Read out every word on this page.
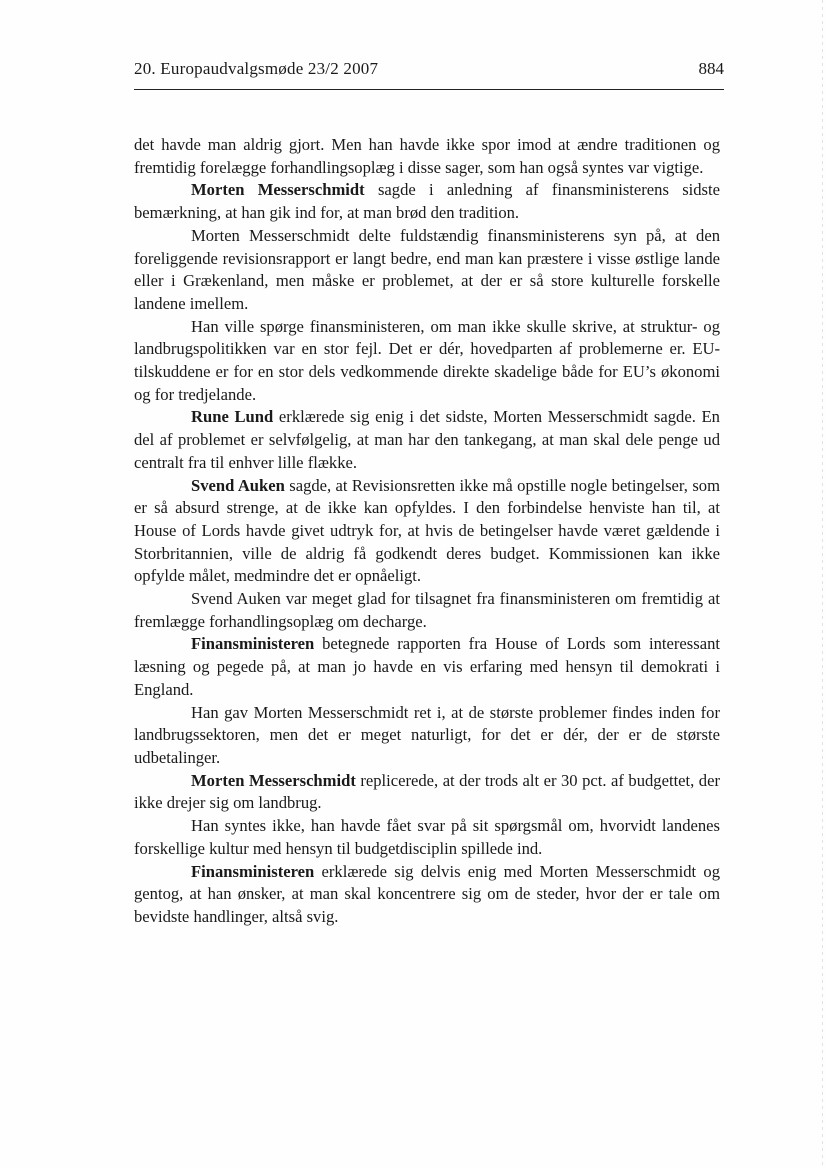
20. Europaudvalgsmøde 23/2 2007	884

det havde man aldrig gjort. Men han havde ikke spor imod at ændre traditionen og fremtidig forelægge forhandlingsoplæg i disse sager, som han også syntes var vigtige.

Morten Messerschmidt sagde i anledning af finansministerens sidste bemærkning, at han gik ind for, at man brød den tradition.

Morten Messerschmidt delte fuldstændig finansministerens syn på, at den foreliggende revisionsrapport er langt bedre, end man kan præstere i visse østlige lande eller i Grækenland, men måske er problemet, at der er så store kulturelle forskelle landene imellem.

Han ville spørge finansministeren, om man ikke skulle skrive, at struktur- og landbrugspolitikken var en stor fejl. Det er dér, hovedparten af problemerne er. EU-tilskuddene er for en stor dels vedkommende direkte skadelige både for EU’s økonomi og for tredjelande.

Rune Lund erklærede sig enig i det sidste, Morten Messerschmidt sagde. En del af problemet er selvfølgelig, at man har den tankegang, at man skal dele penge ud centralt fra til enhver lille flække.

Svend Auken sagde, at Revisionsretten ikke må opstille nogle betingelser, som er så absurd strenge, at de ikke kan opfyldes. I den forbindelse henviste han til, at House of Lords havde givet udtryk for, at hvis de betingelser havde været gældende i Storbritannien, ville de aldrig få godkendt deres budget. Kommissionen kan ikke opfylde målet, medmindre det er opnåeligt.

Svend Auken var meget glad for tilsagnet fra finansministeren om fremtidig at fremlægge forhandlingsoplæg om decharge.

Finansministeren betegnede rapporten fra House of Lords som interessant læsning og pegede på, at man jo havde en vis erfaring med hensyn til demokrati i England.

Han gav Morten Messerschmidt ret i, at de største problemer findes inden for landbrugssektoren, men det er meget naturligt, for det er dér, der er de største udbetalinger.

Morten Messerschmidt replicerede, at der trods alt er 30 pct. af budgettet, der ikke drejer sig om landbrug.

Han syntes ikke, han havde fået svar på sit spørgsmål om, hvorvidt landenes forskellige kultur med hensyn til budgetdisciplin spillede ind.

Finansministeren erklærede sig delvis enig med Morten Messerschmidt og gentog, at han ønsker, at man skal koncentrere sig om de steder, hvor der er tale om bevidste handlinger, altså svig.
